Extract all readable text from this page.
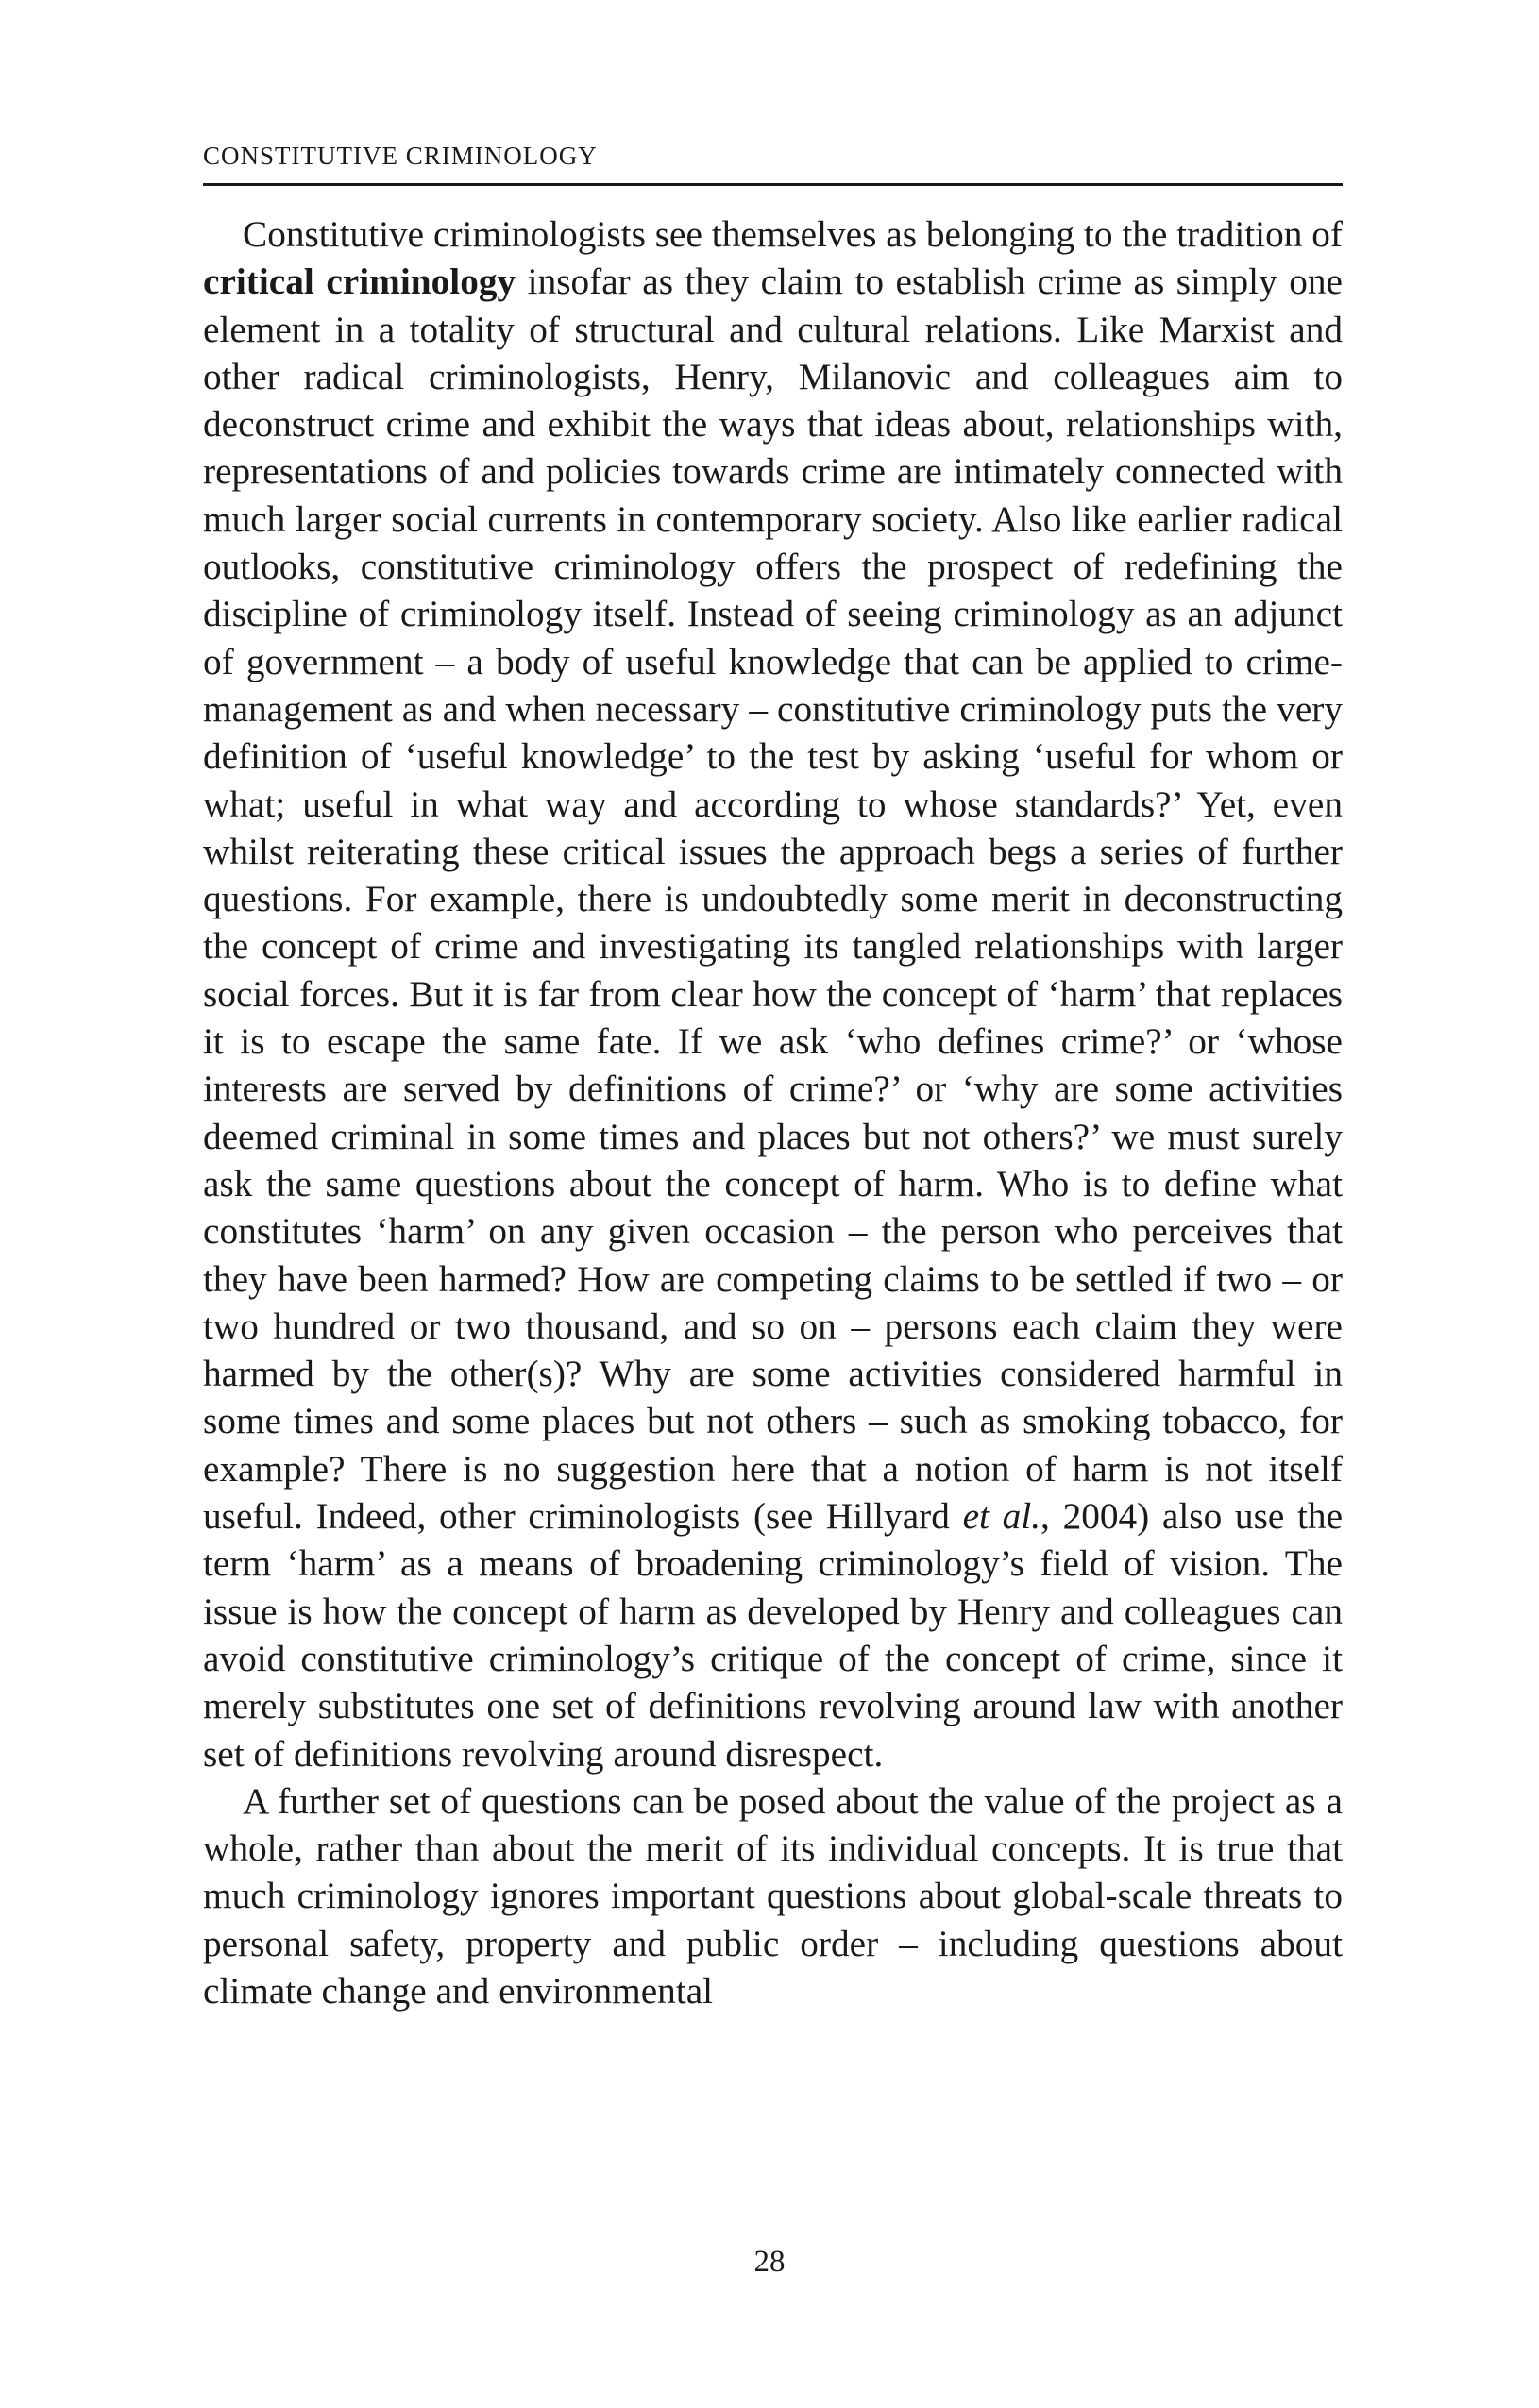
CONSTITUTIVE CRIMINOLOGY

Constitutive criminologists see themselves as belonging to the tradition of critical criminology insofar as they claim to establish crime as simply one element in a totality of structural and cultural relations. Like Marxist and other radical criminologists, Henry, Milanovic and colleagues aim to deconstruct crime and exhibit the ways that ideas about, relationships with, representations of and policies towards crime are intimately connected with much larger social currents in contemporary society. Also like earlier radical outlooks, constitutive criminology offers the prospect of redefining the discipline of criminology itself. Instead of seeing criminology as an adjunct of government – a body of useful knowledge that can be applied to crime-management as and when necessary – constitutive criminology puts the very definition of ‘useful knowledge’ to the test by asking ‘useful for whom or what; useful in what way and according to whose standards?’ Yet, even whilst reiterating these critical issues the approach begs a series of further questions. For example, there is undoubtedly some merit in deconstructing the concept of crime and investigating its tangled relationships with larger social forces. But it is far from clear how the concept of ‘harm’ that replaces it is to escape the same fate. If we ask ‘who defines crime?’ or ‘whose interests are served by definitions of crime?’ or ‘why are some activities deemed criminal in some times and places but not others?’ we must surely ask the same questions about the concept of harm. Who is to define what constitutes ‘harm’ on any given occasion – the person who perceives that they have been harmed? How are competing claims to be settled if two – or two hundred or two thousand, and so on – persons each claim they were harmed by the other(s)? Why are some activities considered harmful in some times and some places but not others – such as smoking tobacco, for example? There is no suggestion here that a notion of harm is not itself useful. Indeed, other criminologists (see Hillyard et al., 2004) also use the term ‘harm’ as a means of broadening criminology’s field of vision. The issue is how the concept of harm as developed by Henry and colleagues can avoid constitutive criminology’s critique of the concept of crime, since it merely substitutes one set of definitions revolving around law with another set of definitions revolving around disrespect.

A further set of questions can be posed about the value of the project as a whole, rather than about the merit of its individual concepts. It is true that much criminology ignores important questions about global-scale threats to personal safety, property and public order – including questions about climate change and environmental

28
